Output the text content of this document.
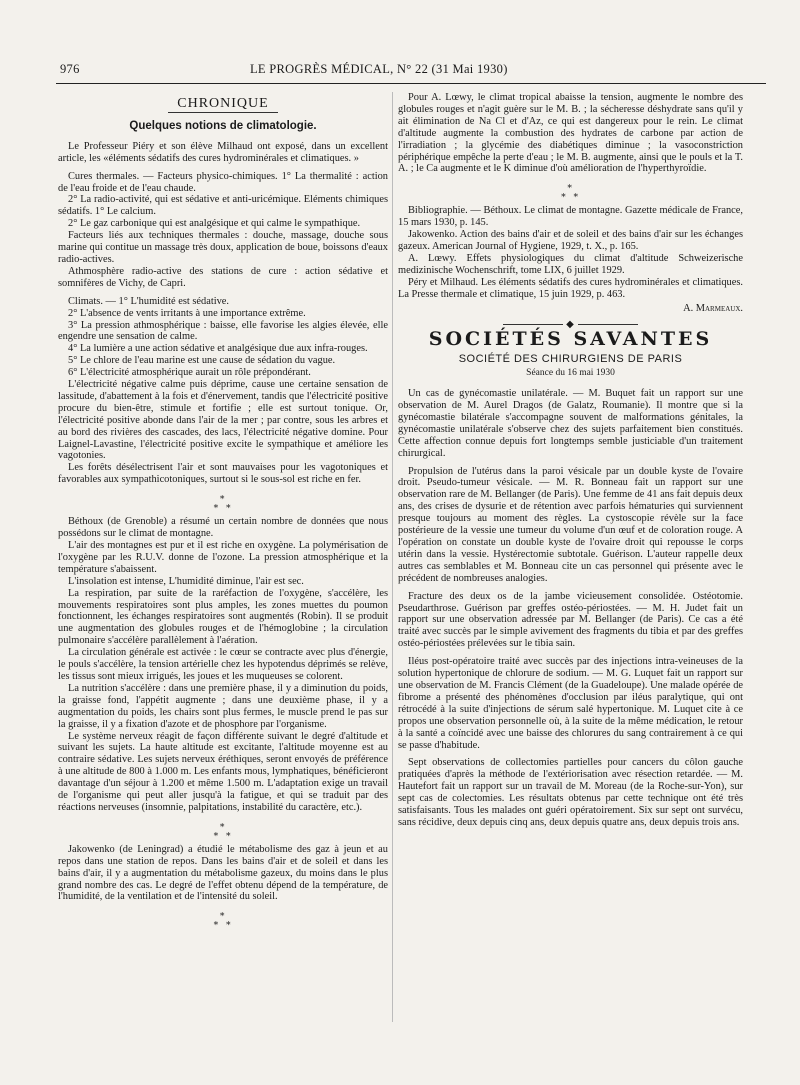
976	LE PROGRÈS MÉDICAL, N° 22 (31 Mai 1930)
CHRONIQUE
Quelques notions de climatologie.

Le Professeur Piéry et son élève Milhaud ont exposé, dans un excellent article, les «éléments sédatifs des cures hydrominérales et climatiques. »

Cures thermales. — Facteurs physico-chimiques. 1° La thermalité : action de l'eau froide et de l'eau chaude.

2° La radio-activité, qui est sédative et anti-uricémique. Eléments chimiques sédatifs. 1° Le calcium.

2° Le gaz carbonique qui est analgésique et qui calme le sympathique.

Facteurs liés aux techniques thermales : douche, massage, douche sous marine qui contitue un massage très doux, application de boue, boissons d'eaux radio-actives.

Athmosphère radio-active des stations de cure : action sédative et somnifères de Vichy, de Capri.

Climats. — 1° L'humidité est sédative.

2° L'absence de vents irritants à une importance extrême.

3° La pression athmosphérique : baisse, elle favorise les algies élevée, elle engendre une sensation de calme.

4° La lumière a une action sédative et analgésique due aux infra-rouges.

5° Le chlore de l'eau marine est une cause de sédation du vague.

6° L'électricité atmosphérique aurait un rôle prépondérant.

L'électricité négative calme puis déprime, cause une certaine sensation de lassitude, d'abattement à la fois et d'énervement, tandis que l'électricité positive procure du bien-être, stimule et fortifie ; elle est surtout tonique. Or, l'électricité positive abonde dans l'air de la mer ; par contre, sous les arbres et au bord des rivières des cascades, des lacs, l'électricité négative domine. Pour Laignel-Lavastine, l'électricité positive excite le sympathique et améliore les vagotonies.

Les forêts désélectrisent l'air et sont mauvaises pour les vagotoniques et favorables aux sympathicotoniques, surtout si le sous-sol est riche en fer.

∗
∗ ∗

Béthoux (de Grenoble) a résumé un certain nombre de données que nous possédons sur le climat de montagne.

L'air des montagnes est pur et il est riche en oxygène. La polymérisation de l'oxygène par les R.U.V. donne de l'ozone. La pression atmosphérique et la température s'abaissent.

L'insolation est intense, L'humidité diminue, l'air est sec.

La respiration, par suite de la raréfaction de l'oxygène, s'accélère, les mouvements respiratoires sont plus amples, les zones muettes du poumon fonctionnent, les échanges respiratoires sont augmentés (Robin). Il se produit une augmentation des globules rouges et de l'hémoglobine ; la circulation pulmonaire s'accélère parallèlement à l'aération.

La circulation générale est activée : le cœur se contracte avec plus d'énergie, le pouls s'accélère, la tension artérielle chez les hypotendus déprimés se relève, les tissus sont mieux irrigués, les joues et les muqueuses se colorent.

La nutrition s'accélère : dans une première phase, il y a diminution du poids, la graisse fond, l'appétit augmente ; dans une deuxième phase, il y a augmentation du poids, les chairs sont plus fermes, le muscle prend le pas sur la graisse, il y a fixation d'azote et de phosphore par l'organisme.

Le système nerveux réagit de façon différente suivant le degré d'altitude et suivant les sujets. La haute altitude est excitante, l'altitude moyenne est au contraire sédative. Les sujets nerveux éréthiques, seront envoyés de préférence à une altitude de 800 à 1.000 m. Les enfants mous, lymphatiques, bénéficieront davantage d'un séjour à 1.200 et même 1.500 m. L'adaptation exige un travail de l'organisme qui peut aller jusqu'à la fatigue, et qui se traduit par des réactions nerveuses (insomnie, palpitations, instabilité du caractère, etc.).

∗
∗ ∗

Jakowenko (de Leningrad) a étudié le métabolisme des gaz à jeun et au repos dans une station de repos. Dans les bains d'air et de soleil et dans les bains d'air, il y a augmentation du métabolisme gazeux, du moins dans le plus grand nombre des cas. Le degré de l'effet obtenu dépend de la température, de l'humidité, de la ventilation et de l'intensité du soleil.

∗
∗ ∗

Pour A. Lœwy, le climat tropical abaisse la tension, augmente le nombre des globules rouges et n'agit guère sur le M. B. ; la sécheresse déshydrate sans qu'il y ait élimination de Na Cl et d'Az, ce qui est dangereux pour le rein. Le climat d'altitude augmente la combustion des hydrates de carbone par action de l'irradiation ; la glycémie des diabétiques diminue ; la vasoconstriction périphérique empêche la perte d'eau ; le M. B. augmente, ainsi que le pouls et la T. A. ; le Ca augmente et le K diminue d'où amélioration de l'hyperthyroïdie.

∗
∗ ∗

Bibliographie. — Béthoux. Le climat de montagne. Gazette médicale de France, 15 mars 1930, p. 145.

Jakowenko. Action des bains d'air et de soleil et des bains d'air sur les échanges gazeux. American Journal of Hygiene, 1929, t. X., p. 165.

A. Lœwy. Effets physiologiques du climat d'altitude Schweizerische medizinische Wochenschrift, tome LIX, 6 juillet 1929.

Péry et Milhaud. Les éléments sédatifs des cures hydrominérales et climatiques. La Presse thermale et climatique, 15 juin 1929, p. 463.

A. Marmeaux.
◆
SOCIÉTÉS SAVANTES
SOCIÉTÉ DES CHIRURGIENS DE PARIS
Séance du 16 mai 1930

Un cas de gynécomastie unilatérale. — M. Buquet fait un rapport sur une observation de M. Aurel Dragos (de Galatz, Roumanie). Il montre que si la gynécomastie bilatérale s'accompagne souvent de malformations génitales, la gynécomastie unilatérale s'observe chez des sujets parfaitement bien constitués. Cette affection connue depuis fort longtemps semble justiciable d'un traitement chirurgical.

Propulsion de l'utérus dans la paroi vésicale par un double kyste de l'ovaire droit. Pseudo-tumeur vésicale. — M. R. Bonneau fait un rapport sur une observation rare de M. Bellanger (de Paris). Une femme de 41 ans fait depuis deux ans, des crises de dysurie et de rétention avec parfois hématuries qui surviennent presque toujours au moment des règles. La cystoscopie révèle sur la face postérieure de la vessie une tumeur du volume d'un œuf et de coloration rouge. A l'opération on constate un double kyste de l'ovaire droit qui repousse le corps utérin dans la vessie. Hystérectomie subtotale. Guérison. L'auteur rappelle deux autres cas semblables et M. Bonneau cite un cas personnel qui présente avec le précédent de nombreuses analogies.

Fracture des deux os de la jambe vicieusement consolidée. Ostéotomie. Pseudarthrose. Guérison par greffes ostéo-périostées. — M. H. Judet fait un rapport sur une observation adressée par M. Bellanger (de Paris). Ce cas a été traité avec succès par le simple avivement des fragments du tibia et par des greffes ostéo-périostées prélevées sur le tibia sain.

Iléus post-opératoire traité avec succès par des injections intra-veineuses de la solution hypertonique de chlorure de sodium. — M. G. Luquet fait un rapport sur une observation de M. Francis Clément (de la Guadeloupe). Une malade opérée de fibrome a présenté des phénomènes d'occlusion par iléus paralytique, qui ont rétrocédé à la suite d'injections de sérum salé hypertonique. M. Luquet cite à ce propos une observation personnelle où, à la suite de la même médication, le retour à la santé a coïncidé avec une baisse des chlorures du sang contrairement à ce qui se passe d'habitude.

Sept observations de collectomies partielles pour cancers du côlon gauche pratiquées d'après la méthode de l'extériorisation avec résection retardée. — M. Hautefort fait un rapport sur un travail de M. Moreau (de la Roche-sur-Yon), sur sept cas de colectomies. Les résultats obtenus par cette technique ont été très satisfaisants. Tous les malades ont guéri opératoirement. Six sur sept ont survécu, sans récidive, deux depuis cinq ans, deux depuis quatre ans, deux depuis trois ans.
